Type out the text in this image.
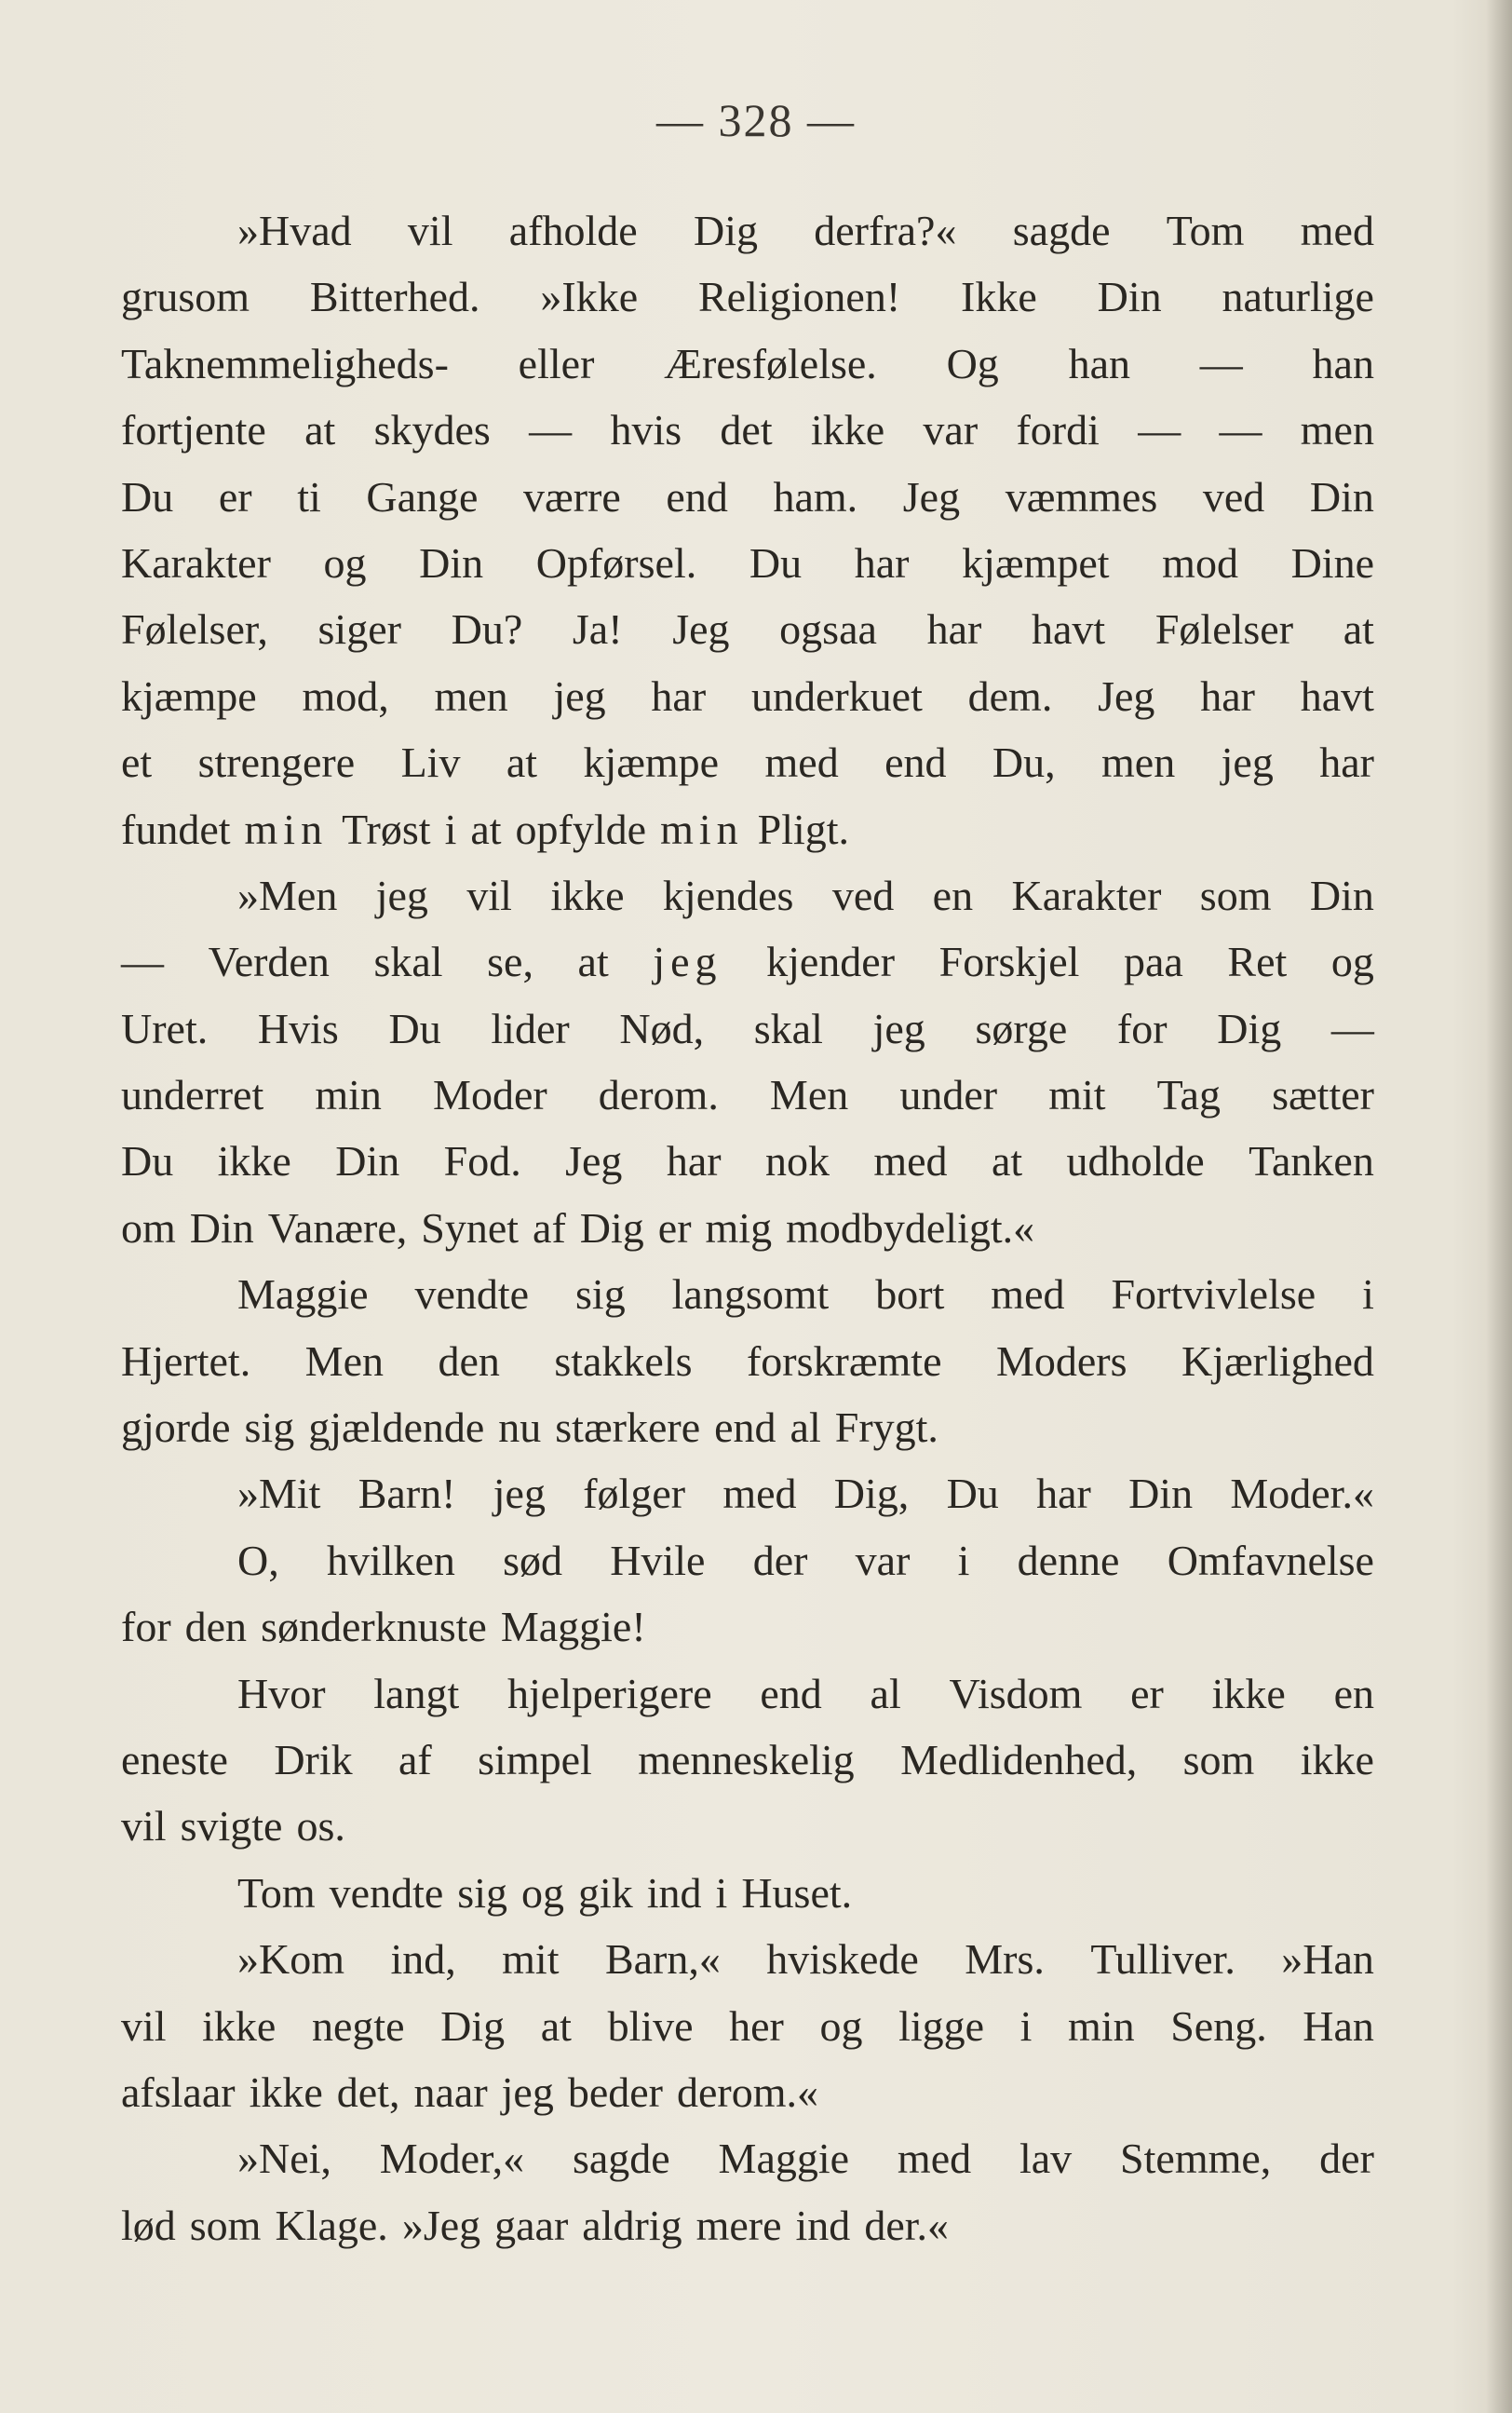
— 328 —
»Hvad vil afholde Dig derfra?« sagde Tom med
grusom Bitterhed. »Ikke Religionen! Ikke Din naturlige
Taknemmeligheds- eller Æresfølelse. Og han — han
fortjente at skydes — hvis det ikke var fordi — — men
Du er ti Gange værre end ham. Jeg væmmes ved Din
Karakter og Din Opførsel. Du har kjæmpet mod Dine
Følelser, siger Du? Ja! Jeg ogsaa har havt Følelser at
kjæmpe mod, men jeg har underkuet dem. Jeg har havt
et strengere Liv at kjæmpe med end Du, men jeg har
fundet min Trøst i at opfylde min Pligt.
»Men jeg vil ikke kjendes ved en Karakter som Din
— Verden skal se, at jeg kjender Forskjel paa Ret og
Uret. Hvis Du lider Nød, skal jeg sørge for Dig —
underret min Moder derom. Men under mit Tag sætter
Du ikke Din Fod. Jeg har nok med at udholde Tanken
om Din Vanære, Synet af Dig er mig modbydeligt.«
Maggie vendte sig langsomt bort med Fortvivlelse i
Hjertet. Men den stakkels forskræmte Moders Kjærlighed
gjorde sig gjældende nu stærkere end al Frygt.
»Mit Barn! jeg følger med Dig, Du har Din Moder.«
O, hvilken sød Hvile der var i denne Omfavnelse
for den sønderknuste Maggie!
Hvor langt hjelperigere end al Visdom er ikke en
eneste Drik af simpel menneskelig Medlidenhed, som ikke
vil svigte os.
Tom vendte sig og gik ind i Huset.
»Kom ind, mit Barn,« hviskede Mrs. Tulliver. »Han
vil ikke negte Dig at blive her og ligge i min Seng. Han
afslaar ikke det, naar jeg beder derom.«
»Nei, Moder,« sagde Maggie med lav Stemme, der
lød som Klage. »Jeg gaar aldrig mere ind der.«
